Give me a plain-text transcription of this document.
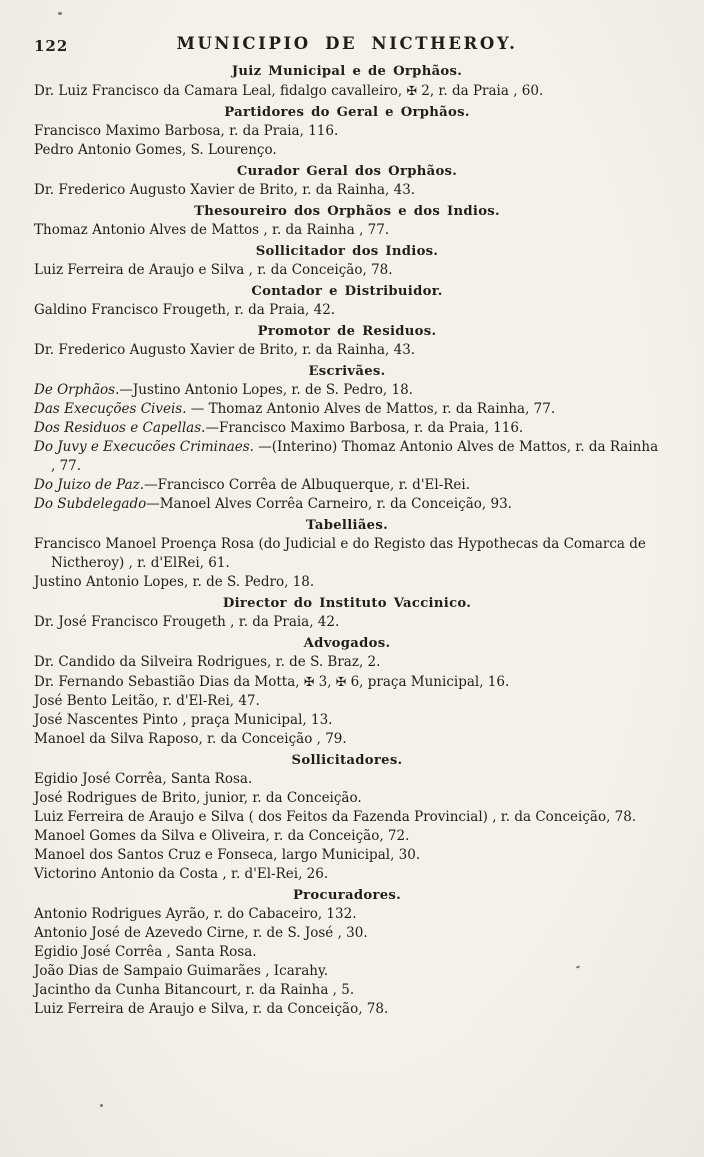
122	MUNICIPIO DE NICTHEROY.
Juiz Municipal e de Orphãos.

Dr. Luiz Francisco da Camara Leal, fidalgo cavalleiro, ✠ 2, r. da Praia , 60.

Partidores do Geral e Orphãos.

Francisco Maximo Barbosa, r. da Praia, 116.

Pedro Antonio Gomes, S. Lourenço.

Curador Geral dos Orphãos.

Dr. Frederico Augusto Xavier de Brito, r. da Rainha, 43.

Thesoureiro dos Orphãos e dos Indios.

Thomaz Antonio Alves de Mattos , r. da Rainha , 77.

Sollicitador dos Indios.

Luiz Ferreira de Araujo e Silva , r. da Conceição, 78.

Contador e Distribuidor.

Galdino Francisco Frougeth, r. da Praia, 42.

Promotor de Residuos.

Dr. Frederico Augusto Xavier de Brito, r. da Rainha, 43.

Escrivães.

De Orphãos.—Justino Antonio Lopes, r. de S. Pedro, 18.

Das Execuções Civeis. — Thomaz Antonio Alves de Mattos, r. da Rainha, 77.

Dos Residuos e Capellas.—Francisco Maximo Barbosa, r. da Praia, 116.

Do Juvy e Execucões Criminaes. —(Interino) Thomaz Antonio Alves de Mattos, r. da Rainha , 77.

Do Juizo de Paz.—Francisco Corrêa de Albuquerque, r. d'El-Rei.

Do Subdelegado—Manoel Alves Corrêa Carneiro, r. da Conceição, 93.

Tabelliães.

Francisco Manoel Proença Rosa (do Judicial e do Registo das Hypothecas da Comarca de Nictheroy) , r. d'ElRei, 61.

Justino Antonio Lopes, r. de S. Pedro, 18.

Director do Instituto Vaccinico.

Dr. José Francisco Frougeth , r. da Praia, 42.

Advogados.

Dr. Candido da Silveira Rodrigues, r. de S. Braz, 2.

Dr. Fernando Sebastião Dias da Motta, ✠ 3, ✠ 6, praça Municipal, 16.

José Bento Leitão, r. d'El-Rei, 47.

José Nascentes Pinto , praça Municipal, 13.

Manoel da Silva Raposo, r. da Conceição , 79.

Sollicitadores.

Egidio José Corrêa, Santa Rosa.

José Rodrigues de Brito, junior, r. da Conceição.

Luiz Ferreira de Araujo e Silva ( dos Feitos da Fazenda Provincial) , r. da Conceição, 78.

Manoel Gomes da Silva e Oliveira, r. da Conceição, 72.

Manoel dos Santos Cruz e Fonseca, largo Municipal, 30.

Victorino Antonio da Costa , r. d'El-Rei, 26.

Procuradores.

Antonio Rodrigues Ayrão, r. do Cabaceiro, 132.

Antonio José de Azevedo Cirne, r. de S. José , 30.

Egidio José Corrêa , Santa Rosa.

João Dias de Sampaio Guimarães , Icarahy.

Jacintho da Cunha Bitancourt, r. da Rainha , 5.

Luiz Ferreira de Araujo e Silva, r. da Conceição, 78.
